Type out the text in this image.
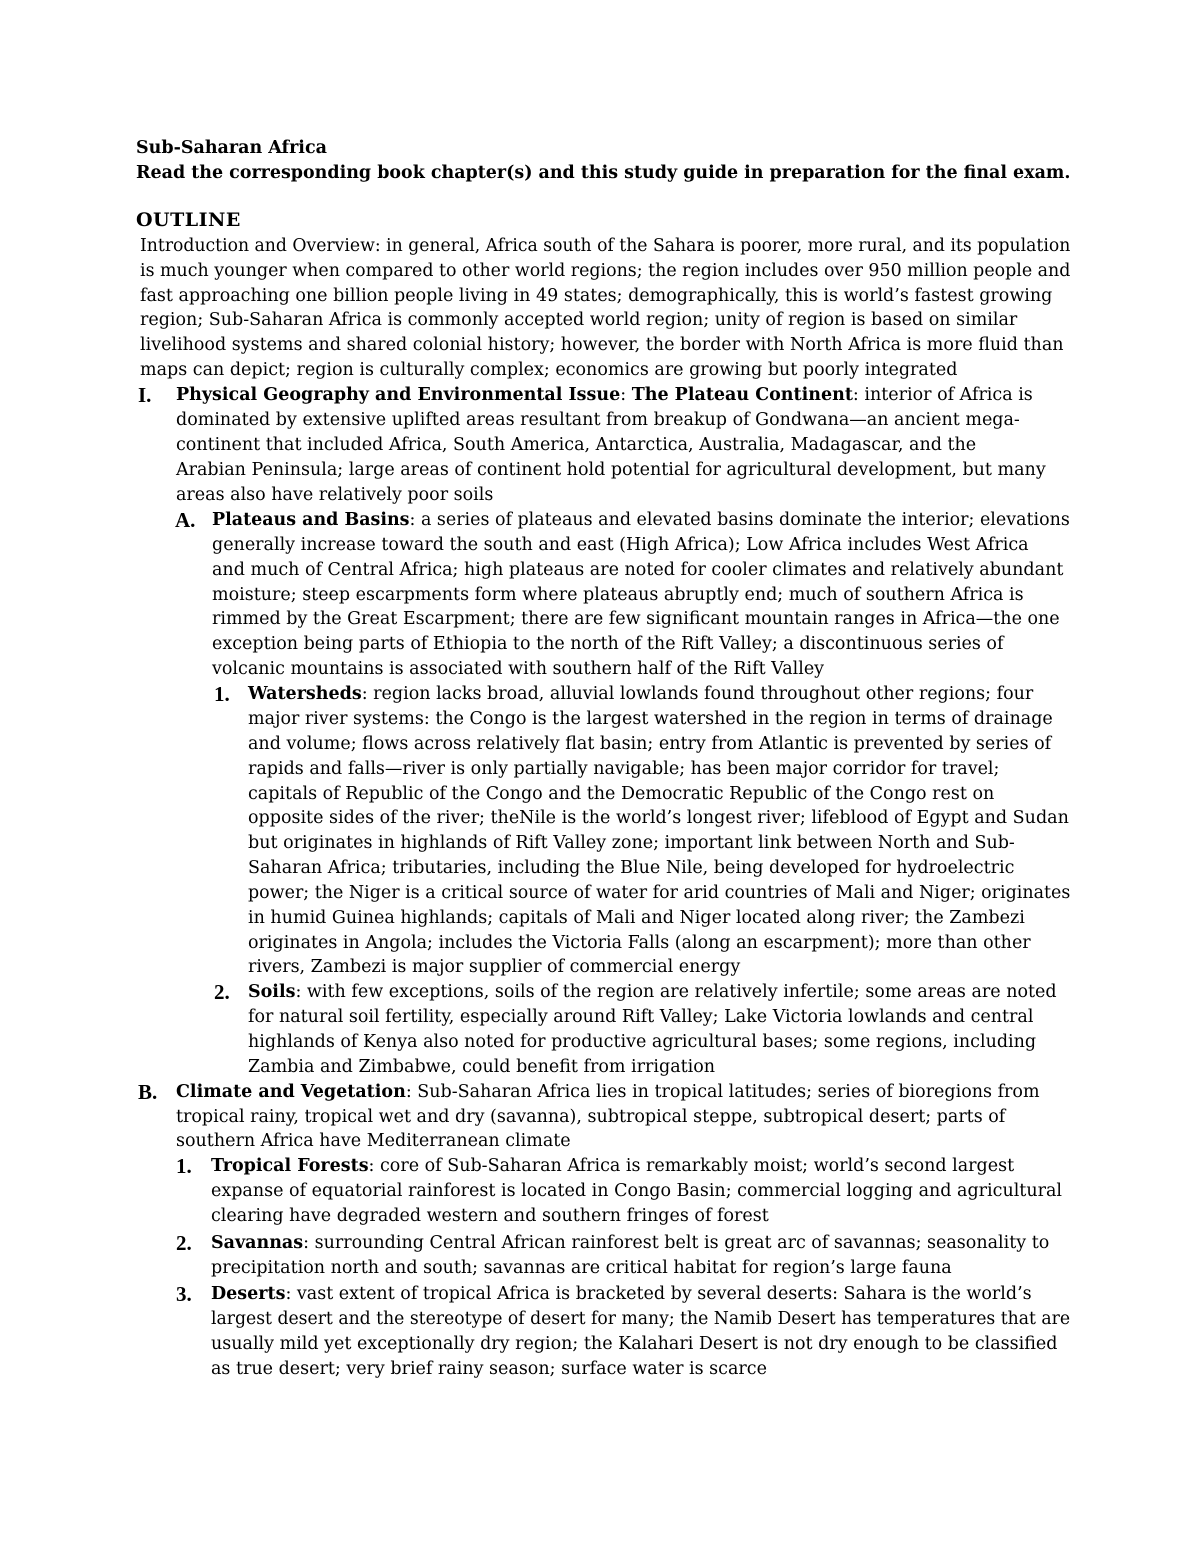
Sub-Saharan Africa
Read the corresponding book chapter(s) and this study guide in preparation for the final exam.
OUTLINE
Introduction and Overview: in general, Africa south of the Sahara is poorer, more rural, and its population
is much younger when compared to other world regions; the region includes over 950 million people and
fast approaching one billion people living in 49 states; demographically, this is world’s fastest growing
region; Sub-Saharan Africa is commonly accepted world region; unity of region is based on similar
livelihood systems and shared colonial history; however, the border with North Africa is more fluid than
maps can depict; region is culturally complex; economics are growing but poorly integrated
I. Physical Geography and Environmental Issue: The Plateau Continent: interior of Africa is
dominated by extensive uplifted areas resultant from breakup of Gondwana—an ancient mega-
continent that included Africa, South America, Antarctica, Australia, Madagascar, and the
Arabian Peninsula; large areas of continent hold potential for agricultural development, but many
areas also have relatively poor soils
A. Plateaus and Basins: a series of plateaus and elevated basins dominate the interior; elevations
generally increase toward the south and east (High Africa); Low Africa includes West Africa
and much of Central Africa; high plateaus are noted for cooler climates and relatively abundant
moisture; steep escarpments form where plateaus abruptly end; much of southern Africa is
rimmed by the Great Escarpment; there are few significant mountain ranges in Africa—the one
exception being parts of Ethiopia to the north of the Rift Valley; a discontinuous series of
volcanic mountains is associated with southern half of the Rift Valley
1. Watersheds: region lacks broad, alluvial lowlands found throughout other regions; four
major river systems: the Congo is the largest watershed in the region in terms of drainage
and volume; flows across relatively flat basin; entry from Atlantic is prevented by series of
rapids and falls—river is only partially navigable; has been major corridor for travel;
capitals of Republic of the Congo and the Democratic Republic of the Congo rest on
opposite sides of the river; theNile is the world’s longest river; lifeblood of Egypt and Sudan
but originates in highlands of Rift Valley zone; important link between North and Sub-
Saharan Africa; tributaries, including the Blue Nile, being developed for hydroelectric
power; the Niger is a critical source of water for arid countries of Mali and Niger; originates
in humid Guinea highlands; capitals of Mali and Niger located along river; the Zambezi
originates in Angola; includes the Victoria Falls (along an escarpment); more than other
rivers, Zambezi is major supplier of commercial energy
2. Soils: with few exceptions, soils of the region are relatively infertile; some areas are noted
for natural soil fertility, especially around Rift Valley; Lake Victoria lowlands and central
highlands of Kenya also noted for productive agricultural bases; some regions, including
Zambia and Zimbabwe, could benefit from irrigation
B. Climate and Vegetation: Sub-Saharan Africa lies in tropical latitudes; series of bioregions from
tropical rainy, tropical wet and dry (savanna), subtropical steppe, subtropical desert; parts of
southern Africa have Mediterranean climate
1. Tropical Forests: core of Sub-Saharan Africa is remarkably moist; world’s second largest
expanse of equatorial rainforest is located in Congo Basin; commercial logging and agricultural
clearing have degraded western and southern fringes of forest
2. Savannas: surrounding Central African rainforest belt is great arc of savannas; seasonality to
precipitation north and south; savannas are critical habitat for region’s large fauna
3. Deserts: vast extent of tropical Africa is bracketed by several deserts: Sahara is the world’s
largest desert and the stereotype of desert for many; the Namib Desert has temperatures that are
usually mild yet exceptionally dry region; the Kalahari Desert is not dry enough to be classified
as true desert; very brief rainy season; surface water is scarce
